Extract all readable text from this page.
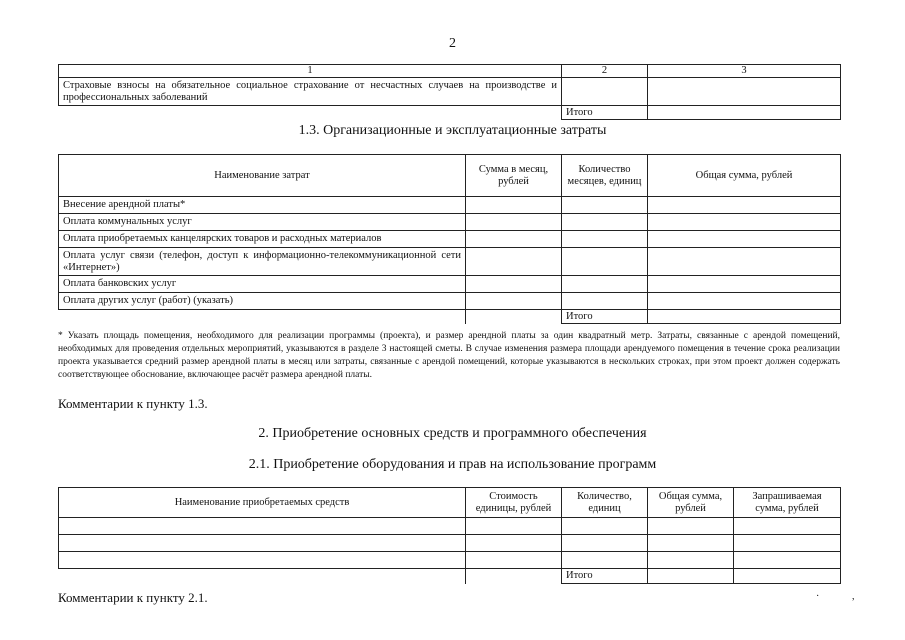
2
1	2	3
Страховые взносы на обязательное социальное страхование от несчастных случаев на производстве и профессиональных заболеваний		
	Итого	
1.3. Организационные и эксплуатационные затраты
Наименование затрат	Сумма в месяц, рублей	Количество месяцев, единиц	Общая сумма, рублей
Внесение арендной платы*			
Оплата коммунальных услуг			
Оплата приобретаемых канцелярских товаров и расходных материалов			
Оплата услуг связи (телефон, доступ к информационно-телекоммуникационной сети «Интернет»)			
Оплата банковских услуг			
Оплата других услуг (работ) (указать)			
		Итого	
* Указать площадь помещения, необходимого для реализации программы (проекта), и размер арендной платы за один квадратный метр. Затраты, связанные с арендой помещений, необходимых для проведения отдельных мероприятий, указываются в разделе 3 настоящей сметы. В случае изменения размера площади арендуемого помещения в течение срока реализации проекта указывается средний размер арендной платы в месяц или затраты, связанные с арендой помещений, которые указываются в нескольких строках, при этом проект должен содержать соответствующее обоснование, включающее расчёт размера арендной платы.
Комментарии к пункту 1.3.
2. Приобретение основных средств и программного обеспечения
2.1. Приобретение оборудования и прав на использование программ
Наименование приобретаемых средств	Стоимость единицы, рублей	Количество, единиц	Общая сумма, рублей	Запрашиваемая сумма, рублей

		Итого		
Комментарии к пункту 2.1.	·	,
